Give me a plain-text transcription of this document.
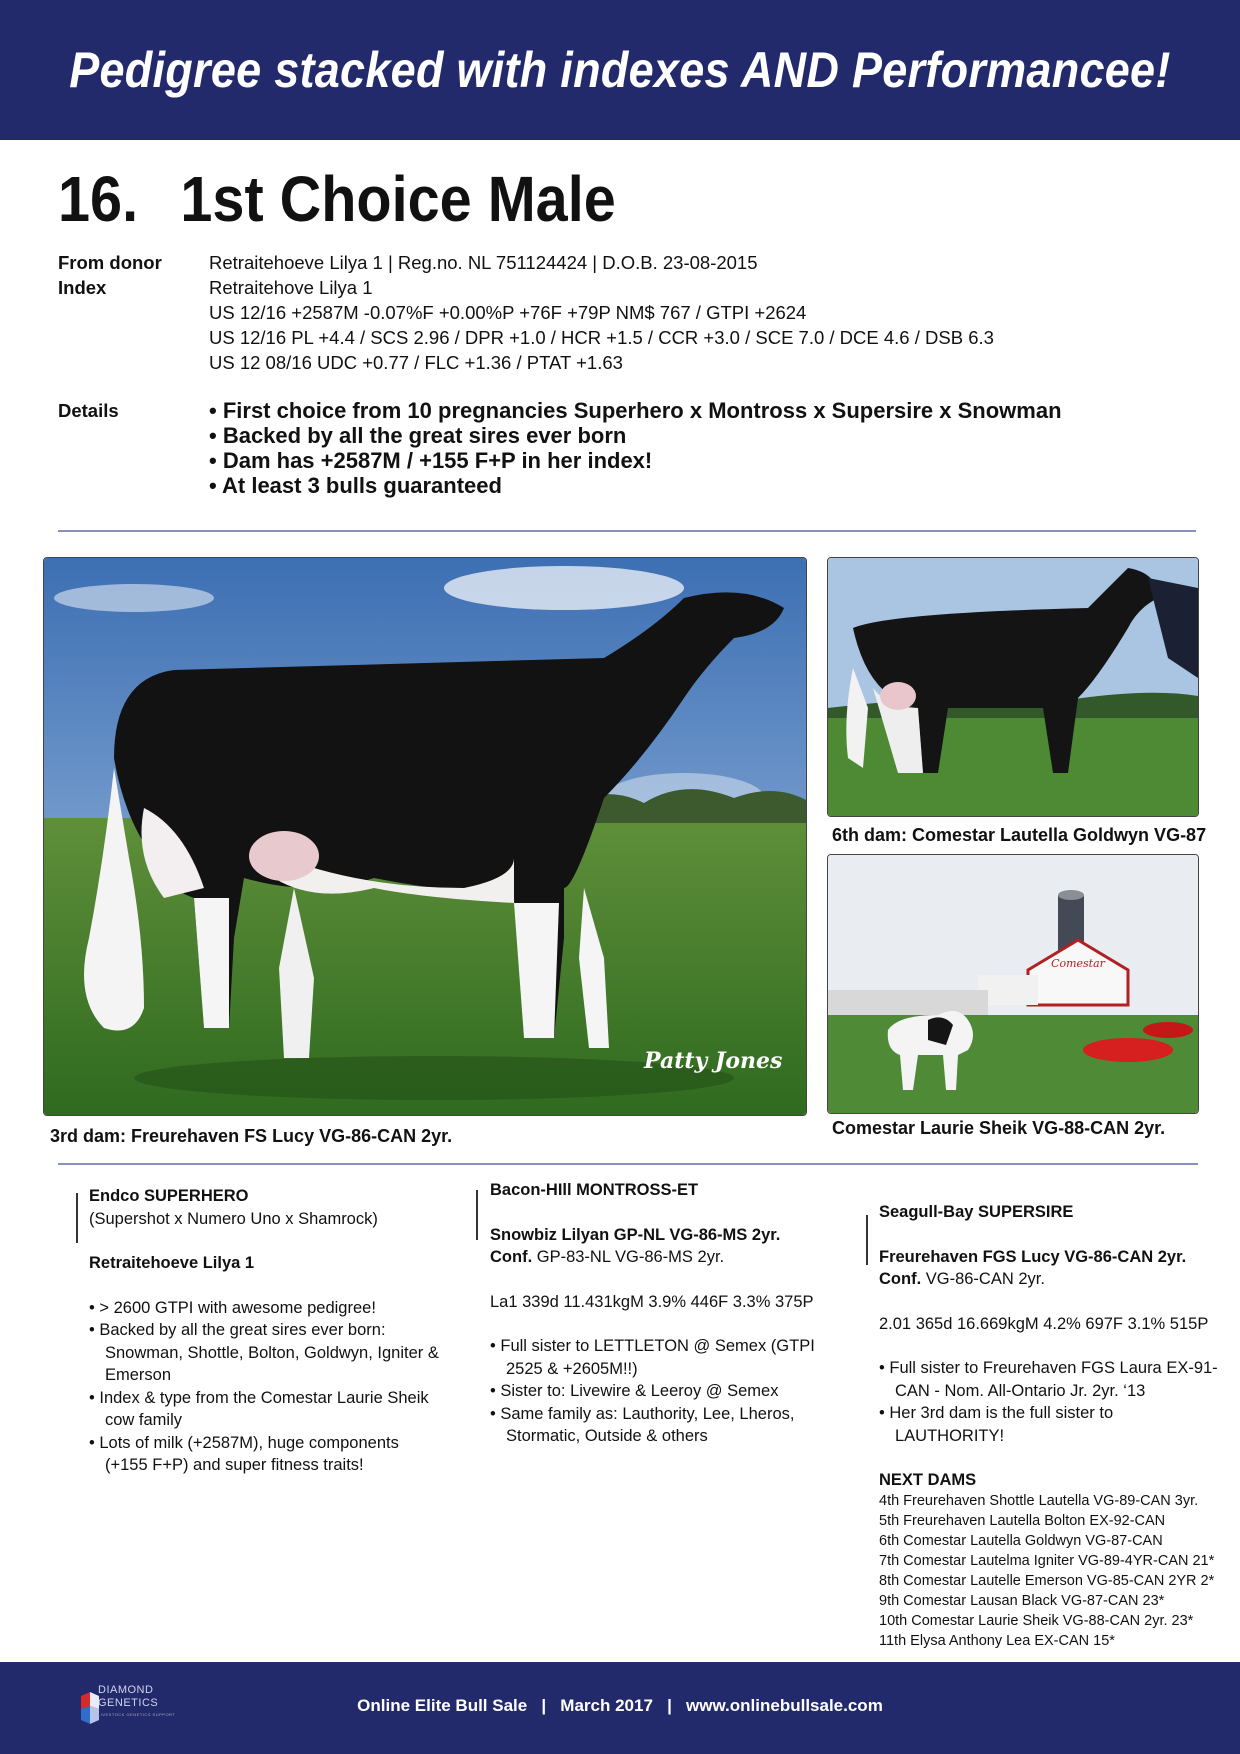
Pedigree stacked with indexes AND Performancee!
16. 1st Choice Male
From donor	Retraitehoeve Lilya 1 | Reg.no. NL 751124424 | D.O.B. 23-08-2015
Index	Retraitehove Lilya 1
US 12/16 +2587M -0.07%F +0.00%P +76F +79P NM$ 767 / GTPI +2624
US 12/16 PL +4.4 / SCS 2.96 / DPR +1.0 / HCR +1.5 / CCR +3.0 / SCE 7.0 / DCE 4.6 / DSB 6.3
US 12 08/16 UDC +0.77 / FLC +1.36 / PTAT +1.63
Details
•	First choice from 10 pregnancies Superhero x Montross x Supersire x Snowman
• Backed by all the great sires ever born
• Dam has +2587M / +155 F+P in her index!
• At least 3 bulls guaranteed
Patty Jones
3rd dam: Freurehaven FS Lucy VG-86-CAN 2yr.
6th dam: Comestar Lautella Goldwyn VG-87
Comestar
Comestar Laurie Sheik VG-88-CAN 2yr.
Endco SUPERHERO
(Supershot x Numero Uno x Shamrock)
Retraitehoeve Lilya 1
• > 2600 GTPI with awesome pedigree!
• Backed by all the great sires ever born: Snowman, Shottle, Bolton, Goldwyn, Igniter & Emerson
• Index & type from the Comestar Laurie Sheik cow family
• Lots of milk (+2587M), huge components (+155 F+P) and super fitness traits!
Bacon-HIll MONTROSS-ET
Snowbiz Lilyan GP-NL VG-86-MS 2yr.
Conf. GP-83-NL VG-86-MS 2yr.
La1 339d 11.431kgM 3.9% 446F 3.3% 375P
• Full sister to LETTLETON @ Semex (GTPI 2525 & +2605M!!)
• Sister to: Livewire & Leeroy @ Semex
• Same family as: Lauthority, Lee, Lheros, Stormatic, Outside & others
Seagull-Bay SUPERSIRE
Freurehaven FGS Lucy VG-86-CAN 2yr.
Conf. VG-86-CAN 2yr.
2.01 365d 16.669kgM 4.2% 697F 3.1% 515P
• Full sister to Freurehaven FGS Laura EX-91-CAN - Nom. All-Ontario Jr. 2yr. ‘13
• Her 3rd dam is the full sister to LAUTHORITY!
NEXT DAMS
4th Freurehaven Shottle Lautella VG-89-CAN 3yr.
5th Freurehaven Lautella Bolton EX-92-CAN
6th Comestar Lautella Goldwyn VG-87-CAN
7th Comestar Lautelma Igniter VG-89-4YR-CAN 21*
8th Comestar Lautelle Emerson VG-85-CAN 2YR 2*
9th Comestar Lausan Black VG-87-CAN 23*
10th Comestar Laurie Sheik VG-88-CAN 2yr. 23*
11th Elysa Anthony Lea EX-CAN 15*
DIAMOND
GENETICS
LIVESTOCK GENETICS SUPPORT	Online Elite Bull Sale   |   March 2017   |   www.onlinebullsale.com
